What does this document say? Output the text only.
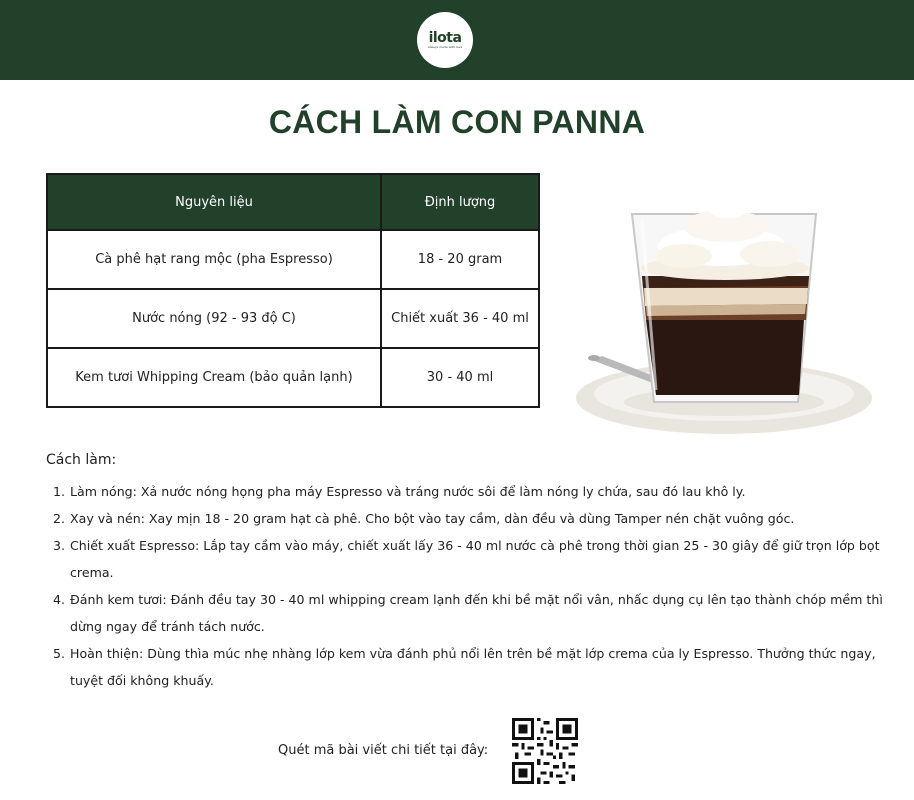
ilota
Always made with love
CÁCH LÀM CON PANNA
Nguyên liệu	Định lượng
Cà phê hạt rang mộc (pha Espresso)	18 - 20 gram
Nước nóng (92 - 93 độ C)	Chiết xuất 36 - 40 ml
Kem tươi Whipping Cream (bảo quản lạnh)	30 - 40 ml
Cách làm:
1. Làm nóng: Xả nước nóng họng pha máy Espresso và tráng nước sôi để làm nóng ly chứa, sau đó lau khô ly.
2. Xay và nén: Xay mịn 18 - 20 gram hạt cà phê. Cho bột vào tay cầm, dàn đều và dùng Tamper nén chặt vuông góc.
3. Chiết xuất Espresso: Lắp tay cầm vào máy, chiết xuất lấy 36 - 40 ml nước cà phê trong thời gian 25 - 30 giây để giữ trọn lớp bọt crema.
4. Đánh kem tươi: Đánh đều tay 30 - 40 ml whipping cream lạnh đến khi bề mặt nổi vân, nhấc dụng cụ lên tạo thành chóp mềm thì dừng ngay để tránh tách nước.
5. Hoàn thiện: Dùng thìa múc nhẹ nhàng lớp kem vừa đánh phủ nổi lên trên bề mặt lớp crema của ly Espresso. Thưởng thức ngay, tuyệt đối không khuấy.
Quét mã bài viết chi tiết tại đây:
